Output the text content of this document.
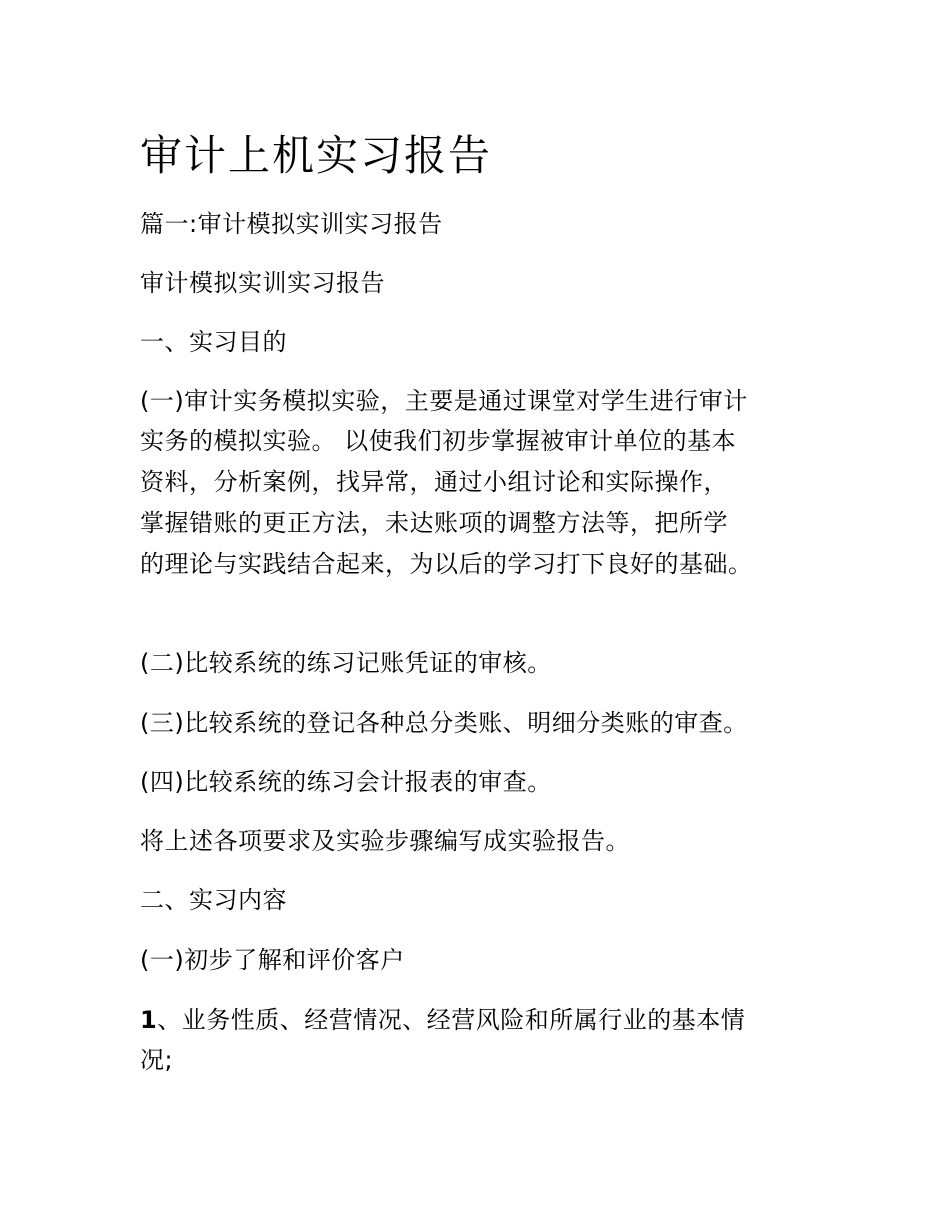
审计上机实习报告
篇一:审计模拟实训实习报告
审计模拟实训实习报告
一、实习目的
(一)审计实务模拟实验，主要是通过课堂对学生进行审计
实务的模拟实验。 以使我们初步掌握被审计单位的基本
资料，分析案例，找异常，通过小组讨论和实际操作，
掌握错账的更正方法，未达账项的调整方法等，把所学
的理论与实践结合起来，为以后的学习打下良好的基础。
(二)比较系统的练习记账凭证的审核。
(三)比较系统的登记各种总分类账、明细分类账的审查。
(四)比较系统的练习会计报表的审查。
将上述各项要求及实验步骤编写成实验报告。
二、实习内容
(一)初步了解和评价客户
1、业务性质、经营情况、经营风险和所属行业的基本情
况;
